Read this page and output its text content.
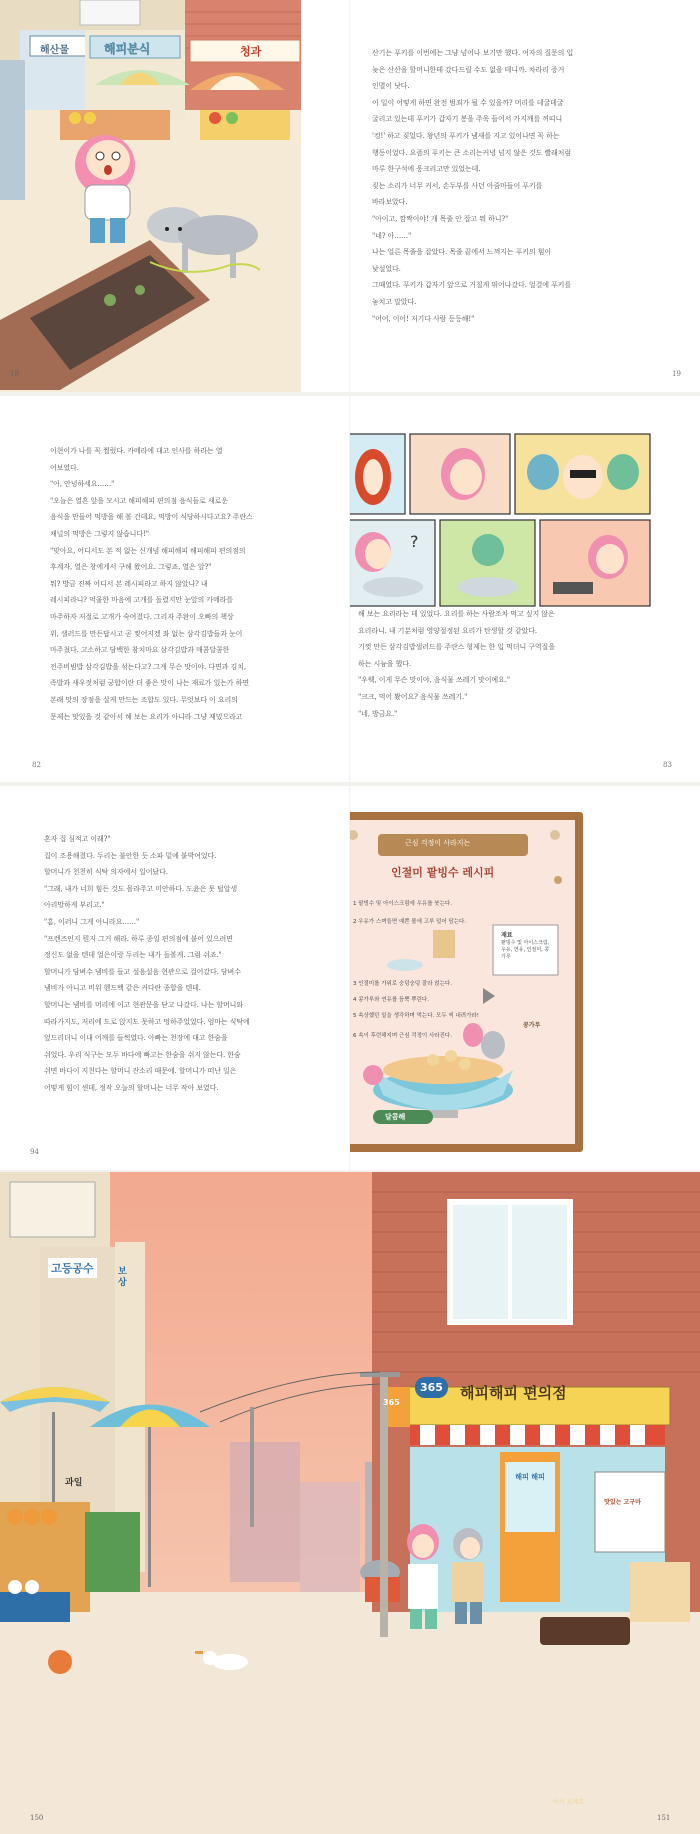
해산물	해피분식	청과
18

산기는 푸키를 이번에는 그냥 넘어나 보기만 했다. 여자의 질문의 입

늦은 산산을 할머니한테 갔다드릴 수도 없을 테니까. 차라리 증거

인멸이 낫다.

이 일이 어떻게 하면 완전 범죄가 될 수 있을까? 머리를 데굴데굴

굴리고 있는데 푸키가 갑자기 봉을 주욱 들어서 가지깨를 꺼띠니

'컹!' 하고 짖었다. 왕년의 푸키가 냄새를 지고 있어나면 꼭 하는

행동이었다. 요즘의 푸키는 큰 소리는커녕 넘지 않은 것도 빨래처럼

마루 한구석에 웅크리고만 있었는데.

짖는 소리가 너무 커서, 손두부를 사던 아줌마들이 푸키를

바라보았다.

"아이고, 깜짝이야! 개 목줄 안 잡고 뭐 하니?"

"네? 아……"

나는 얼른 목줄을 잡았다. 목줄 끝에서 느껴지는 푸키의 힘이

낯설었다.

그때였다. 푸키가 갑자기 앞으로 거칠게 뛰어나갔다. 얼결에 푸키를

놓치고 말았다.

"어어, 이어! 저기다 사람 등등해!"

19

이현이가 나를 꼭 찔렀다. 카메라에 대고 인사를 하라는 열

어보였다.

"아, 안녕하세요……"

"오늘은 열흔 앞을 모시고 해피해피 편의점 음식들로 새로운

음식을 만들어 먹방을 해 볼 건데요, 먹방이 식당하시다고요? 주란스

채널의 먹방은 그렇지 않습니다!"

"맞아요, 어디서도 본 적 없는 신개념 해피해피 해피해피 편의점의

후계자, 열은 창에게서 구해 왔어요. 그렇죠, 열은 앞?"

뭐? 방금 진짜 어디서 본 레시피라고 하지 않았나? 내

레시피라니? 억울한 마음에 고개를 돌렸지만 눈앞의 카메라를

마주하자 저절로 고개가 숙여졌다. 그리자 주완이 오빠의 책상

위, 샐러드를 만든답시고 곧 찢어지겠 좌 없는 삼각김밥들과 눈이

마주쳤다. 고소하고 담백한 참치마요 삼각김밥과 매콤달콤한

전주비빔밥 삼각김밥을 섞는다고? 그게 무슨 맛이야. 다면과 김치,

족발과 새우젓처럼 궁합이란 더 좋은 맛이 나는 재료가 있는가 하면

본래 맛의 장점을 살게 만드는 조합도 있다. 무엇보다 이 요리의

문제는 맛있을 것 같아서 해 보는 요리가 아니라 그냥 재밌으라고

82
?

해 보는 요리라는 데 있었다. 요리를 하는 사람조차 먹고 싶지 않은

요리라니. 내 기분처럼 영양절정된 요리가 탄생할 것 같았다.

기껏 만든 삼각김밥샐러드를 주란스 형제는 한 입 먹더니 구역질을

하는 시늉을 했다.

"우웩, 이게 무슨 맛이야, 음식물 쓰레기 맛이예요."

"크크, 먹어 봤어요? 음식물 쓰레기."

"네, 방금요."

83

혼자 집 심적고 이래?"

집이 조용해졌다. 두리는 불안한 듯 소파 밑에 붙박여었다.

할머니가 천천히 식탁 의자에서 일어났다.

"그래, 내가 너희 힘든 것도 몰라주고 미안하다. 도윤은 못 털알생

아리망하게 부리고."

"흠, 이러니 그게 아니라요……"

"프렌즈인지 뭔지 그거 해라. 하루 종일 편의점에 붙어 있으려면

정신도 없을 텐데 얼은이랑 두리는 내가 돌볼게. 그럼 쉬죠."

할머니가 담벼수 냄비를 들고 설음설음 현관으로 걸어갔다. 담벼수

냄비가 아니고 비워 헨드백 같은 커다란 종합을 텐데.

할머니는 냄비를 머리에 이고 현관문을 닫고 나갔다. 나는 할머니와

따라가지도, 저리에 도로 앉지도 못하고 멍하주었었다. 엄마는 식탁에

엎드리더니 이내 어깨를 들썩였다. 아빠는 천장에 대고 한숨을

쉬었다. 우리 식구는 모두 바다에 빠고는 한숨을 쉬지 않는다. 한숨

쉬면 바다이 지친다는 할머니 잔소리 때문에. 할머니가 떠난 일은

어떻게 힘이 센데, 정작 오늘의 할머니는 너무 작아 보였다.

94
근심 걱정이 사라지는
인절미 팥빙수 레시피
1 팥빙수 및 아이스크림에 우유를 붓는다.
2 우유가 스며들면 예쁜 볼에 고루 덜어 담는다.
3 인절미를 가위로 숭덩숭덩 잘라 얹는다.
4 콩가루와 연유를 듬뿍 뿌린다.
5 속상했던 일을 생각하며 먹는다. 모두 씩 내려가라!
6 속이 후련해지며 근심 걱정이 사라진다.
재료
팥빙수 및 아이스크림, 우유, 연유, 인절미, 콩가루
콩가루
달콤해
고등공수	보상
과일
365	해피해피 편의점
365
해피 해피
맛있는 고구마
어서 오세요
150	151
